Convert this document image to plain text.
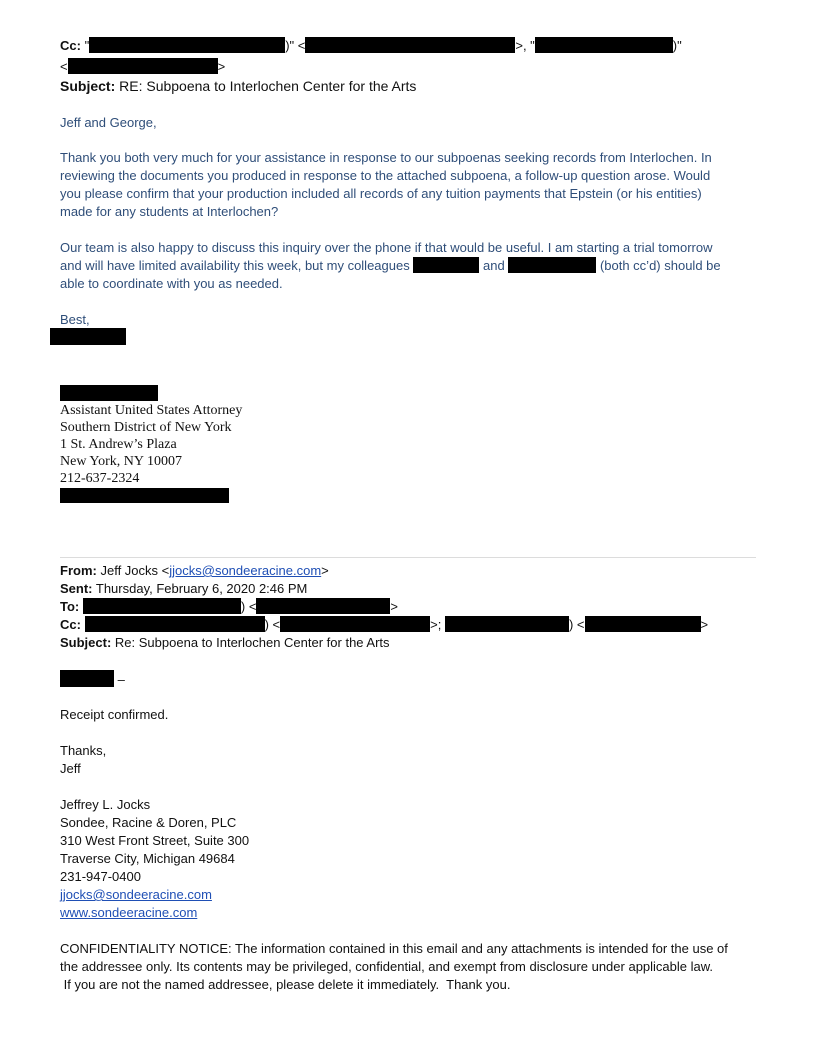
Cc: "	)" <	>, "	)"
<	>
Subject: RE: Subpoena to Interlochen Center for the Arts
Jeff and George,
Thank you both very much for your assistance in response to our subpoenas seeking records from Interlochen. In
reviewing the documents you produced in response to the attached subpoena, a follow-up question arose. Would
you please confirm that your production included all records of any tuition payments that Epstein (or his entities)
made for any students at Interlochen?
Our team is also happy to discuss this inquiry over the phone if that would be useful. I am starting a trial tomorrow
and will have limited availability this week, but my colleagues	and	(both cc’d) should be
able to coordinate with you as needed.
Best,
Assistant United States Attorney
Southern District of New York
1 St. Andrew’s Plaza
New York, NY 10007
212-637-2324
From: Jeff Jocks <jjocks@sondeeracine.com>
Sent: Thursday, February 6, 2020 2:46 PM
To:	) <	>
Cc:	) <	>;	) <	>
Subject: Re: Subpoena to Interlochen Center for the Arts
–
Receipt confirmed.
Thanks,
Jeff
Jeffrey L. Jocks
Sondee, Racine & Doren, PLC
310 West Front Street, Suite 300
Traverse City, Michigan 49684
231-947-0400
jjocks@sondeeracine.com
www.sondeeracine.com
CONFIDENTIALITY NOTICE: The information contained in this email and any attachments is intended for the use of
the addressee only. Its contents may be privileged, confidential, and exempt from disclosure under applicable law.
If you are not the named addressee, please delete it immediately.  Thank you.
